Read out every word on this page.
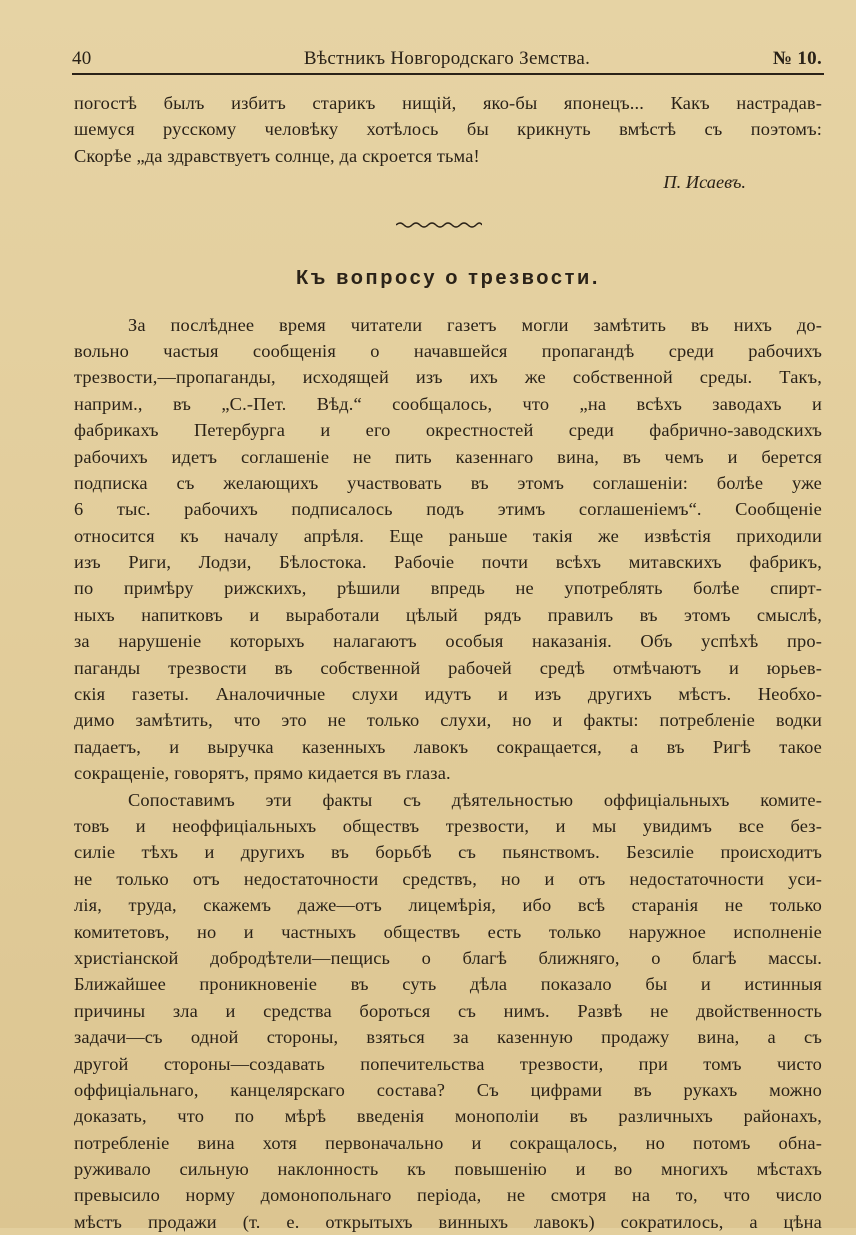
40	Вѣстникъ Новгородскаго Земства.	№ 10.
погостѣ былъ избитъ старикъ нищій, яко-бы японецъ... Какъ настрадав-
шемуся русскому человѣку хотѣлось бы крикнуть вмѣстѣ съ поэтомъ:
Скорѣе „да здравствуетъ солнце, да скроется тьма!
П. Исаевъ.
Къ вопросу о трезвости.
За послѣднее время читатели газетъ могли замѣтить въ нихъ до-
вольно частыя сообщенія о начавшейся пропагандѣ среди рабочихъ
трезвости,—пропаганды, исходящей изъ ихъ же собственной среды. Такъ,
наприм., въ „С.-Пет. Вѣд.“ сообщалось, что „на всѣхъ заводахъ и
фабрикахъ Петербурга и его окрестностей среди фабрично-заводскихъ
рабочихъ идетъ соглашеніе не пить казеннаго вина, въ чемъ и берется
подписка съ желающихъ участвовать въ этомъ соглашеніи: болѣе уже
6 тыс. рабочихъ подписалось подъ этимъ соглашеніемъ“. Сообщеніе
относится къ началу апрѣля. Еще раньше такія же извѣстія приходили
изъ Риги, Лодзи, Бѣлостока. Рабочіе почти всѣхъ митавскихъ фабрикъ,
по примѣру рижскихъ, рѣшили впредь не употреблять болѣе спирт-
ныхъ напитковъ и выработали цѣлый рядъ правилъ въ этомъ смыслѣ,
за нарушеніе которыхъ налагаютъ особыя наказанія. Объ успѣхѣ про-
паганды трезвости въ собственной рабочей средѣ отмѣчаютъ и юрьев-
скія газеты. Аналочичные слухи идутъ и изъ другихъ мѣстъ. Необхо-
димо замѣтить, что это не только слухи, но и факты: потребленіе водки
падаетъ, и выручка казенныхъ лавокъ сокращается, а въ Ригѣ такое
сокращеніе, говорятъ, прямо кидается въ глаза.
Сопоставимъ эти факты съ дѣятельностью оффиціальныхъ комите-
товъ и неоффиціальныхъ обществъ трезвости, и мы увидимъ все без-
силіе тѣхъ и другихъ въ борьбѣ съ пьянствомъ. Безсиліе происходитъ
не только отъ недостаточности средствъ, но и отъ недостаточности уси-
лія, труда, скажемъ даже—отъ лицемѣрія, ибо всѣ старанія не только
комитетовъ, но и частныхъ обществъ есть только наружное исполненіе
христіанской добродѣтели—пещись о благѣ ближняго, о благѣ массы.
Ближайшее проникновеніе въ суть дѣла показало бы и истинныя
причины зла и средства бороться съ нимъ. Развѣ не двойственность
задачи—съ одной стороны, взяться за казенную продажу вина, а съ
другой стороны—создавать попечительства трезвости, при томъ чисто
оффиціальнаго, канцелярскаго состава? Съ цифрами въ рукахъ можно
доказать, что по мѣрѣ введенія монополіи въ различныхъ районахъ,
потребленіе вина хотя первоначально и сокращалось, но потомъ обна-
руживало сильную наклонность къ повышенію и во многихъ мѣстахъ
превысило норму домонопольнаго періода, не смотря на то, что число
мѣстъ продажи (т. е. открытыхъ винныхъ лавокъ) сократилось, а цѣна
